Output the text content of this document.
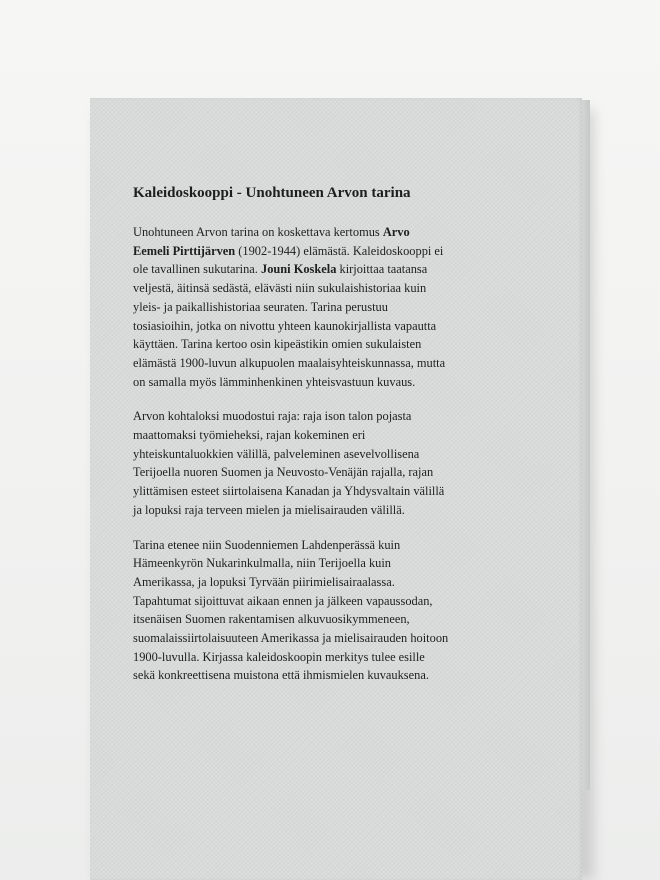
Kaleidoskooppi - Unohtuneen Arvon tarina
Unohtuneen Arvon tarina on koskettava kertomus Arvo
Eemeli Pirttijärven (1902-1944) elämästä. Kaleidoskooppi ei
ole tavallinen sukutarina. Jouni Koskela kirjoittaa taatansa
veljestä, äitinsä sedästä, elävästi niin sukulaishistoriaa kuin
yleis- ja paikallishistoriaa seuraten. Tarina perustuu
tosiasioihin, jotka on nivottu yhteen kaunokirjallista vapautta
käyttäen. Tarina kertoo osin kipeästikin omien sukulaisten
elämästä 1900-luvun alkupuolen maalaisyhteiskunnassa, mutta
on samalla myös lämminhenkinen yhteisvastuun kuvaus.
Arvon kohtaloksi muodostui raja: raja ison talon pojasta
maattomaksi työmieheksi, rajan kokeminen eri
yhteiskuntaluokkien välillä, palveleminen asevelvollisena
Terijoella nuoren Suomen ja Neuvosto-Venäjän rajalla, rajan
ylittämisen esteet siirtolaisena Kanadan ja Yhdysvaltain välillä
ja lopuksi raja terveen mielen ja mielisairauden välillä.
Tarina etenee niin Suodenniemen Lahdenperässä kuin
Hämeenkyrön Nukarinkulmalla, niin Terijoella kuin
Amerikassa, ja lopuksi Tyrvään piirimielisairaalassa.
Tapahtumat sijoittuvat aikaan ennen ja jälkeen vapaussodan,
itsenäisen Suomen rakentamisen alkuvuosikymmeneen,
suomalaissiirtolaisuuteen Amerikassa ja mielisairauden hoitoon
1900-luvulla. Kirjassa kaleidoskoopin merkitys tulee esille
sekä konkreettisena muistona että ihmismielen kuvauksena.
